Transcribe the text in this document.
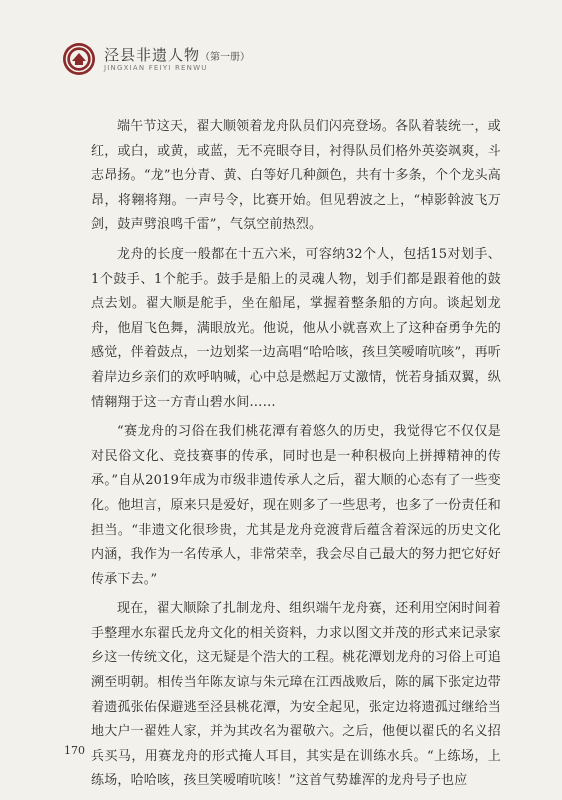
泾县非遗人物（第一册）
JINGXIAN FEIYI RENWU

端午节这天，翟大顺领着龙舟队员们闪亮登场。各队着装统一，或红，或白，或黄，或蓝，无不亮眼夺目，衬得队员们格外英姿飒爽，斗志昂扬。“龙”也分青、黄、白等好几种颜色，共有十多条，个个龙头高昂，将翱将翔。一声号令，比赛开始。但见碧波之上，“棹影斡波飞万剑，鼓声劈浪鸣千雷”，气氛空前热烈。

龙舟的长度一般都在十五六米，可容纳32个人，包括15对划手、1个鼓手、1个舵手。鼓手是船上的灵魂人物，划手们都是跟着他的鼓点去划。翟大顺是舵手，坐在船尾，掌握着整条船的方向。谈起划龙舟，他眉飞色舞，满眼放光。他说，他从小就喜欢上了这种奋勇争先的感觉，伴着鼓点，一边划桨一边高唱“哈哈咳，孩旦笑嗳唷吭咳”，再听着岸边乡亲们的欢呼呐喊，心中总是燃起万丈激情，恍若身插双翼，纵情翱翔于这一方青山碧水间……

“赛龙舟的习俗在我们桃花潭有着悠久的历史，我觉得它不仅仅是对民俗文化、竞技赛事的传承，同时也是一种积极向上拼搏精神的传承。”自从2019年成为市级非遗传承人之后，翟大顺的心态有了一些变化。他坦言，原来只是爱好，现在则多了一些思考，也多了一份责任和担当。“非遗文化很珍贵，尤其是龙舟竞渡背后蕴含着深远的历史文化内涵，我作为一名传承人，非常荣幸，我会尽自己最大的努力把它好好传承下去。”

现在，翟大顺除了扎制龙舟、组织端午龙舟赛，还利用空闲时间着手整理水东翟氏龙舟文化的相关资料，力求以图文并茂的形式来记录家乡这一传统文化，这无疑是个浩大的工程。桃花潭划龙舟的习俗上可追溯至明朝。相传当年陈友谅与朱元璋在江西战败后，陈的属下张定边带着遗孤张佑保避逃至泾县桃花潭，为安全起见，张定边将遗孤过继给当地大户一翟姓人家，并为其改名为翟敬六。之后，他便以翟氏的名义招兵买马，用赛龙舟的形式掩人耳目，其实是在训练水兵。“上练场，上练场，哈哈咳，孩旦笑嗳唷吭咳！”这首气势雄浑的龙舟号子也应

170
